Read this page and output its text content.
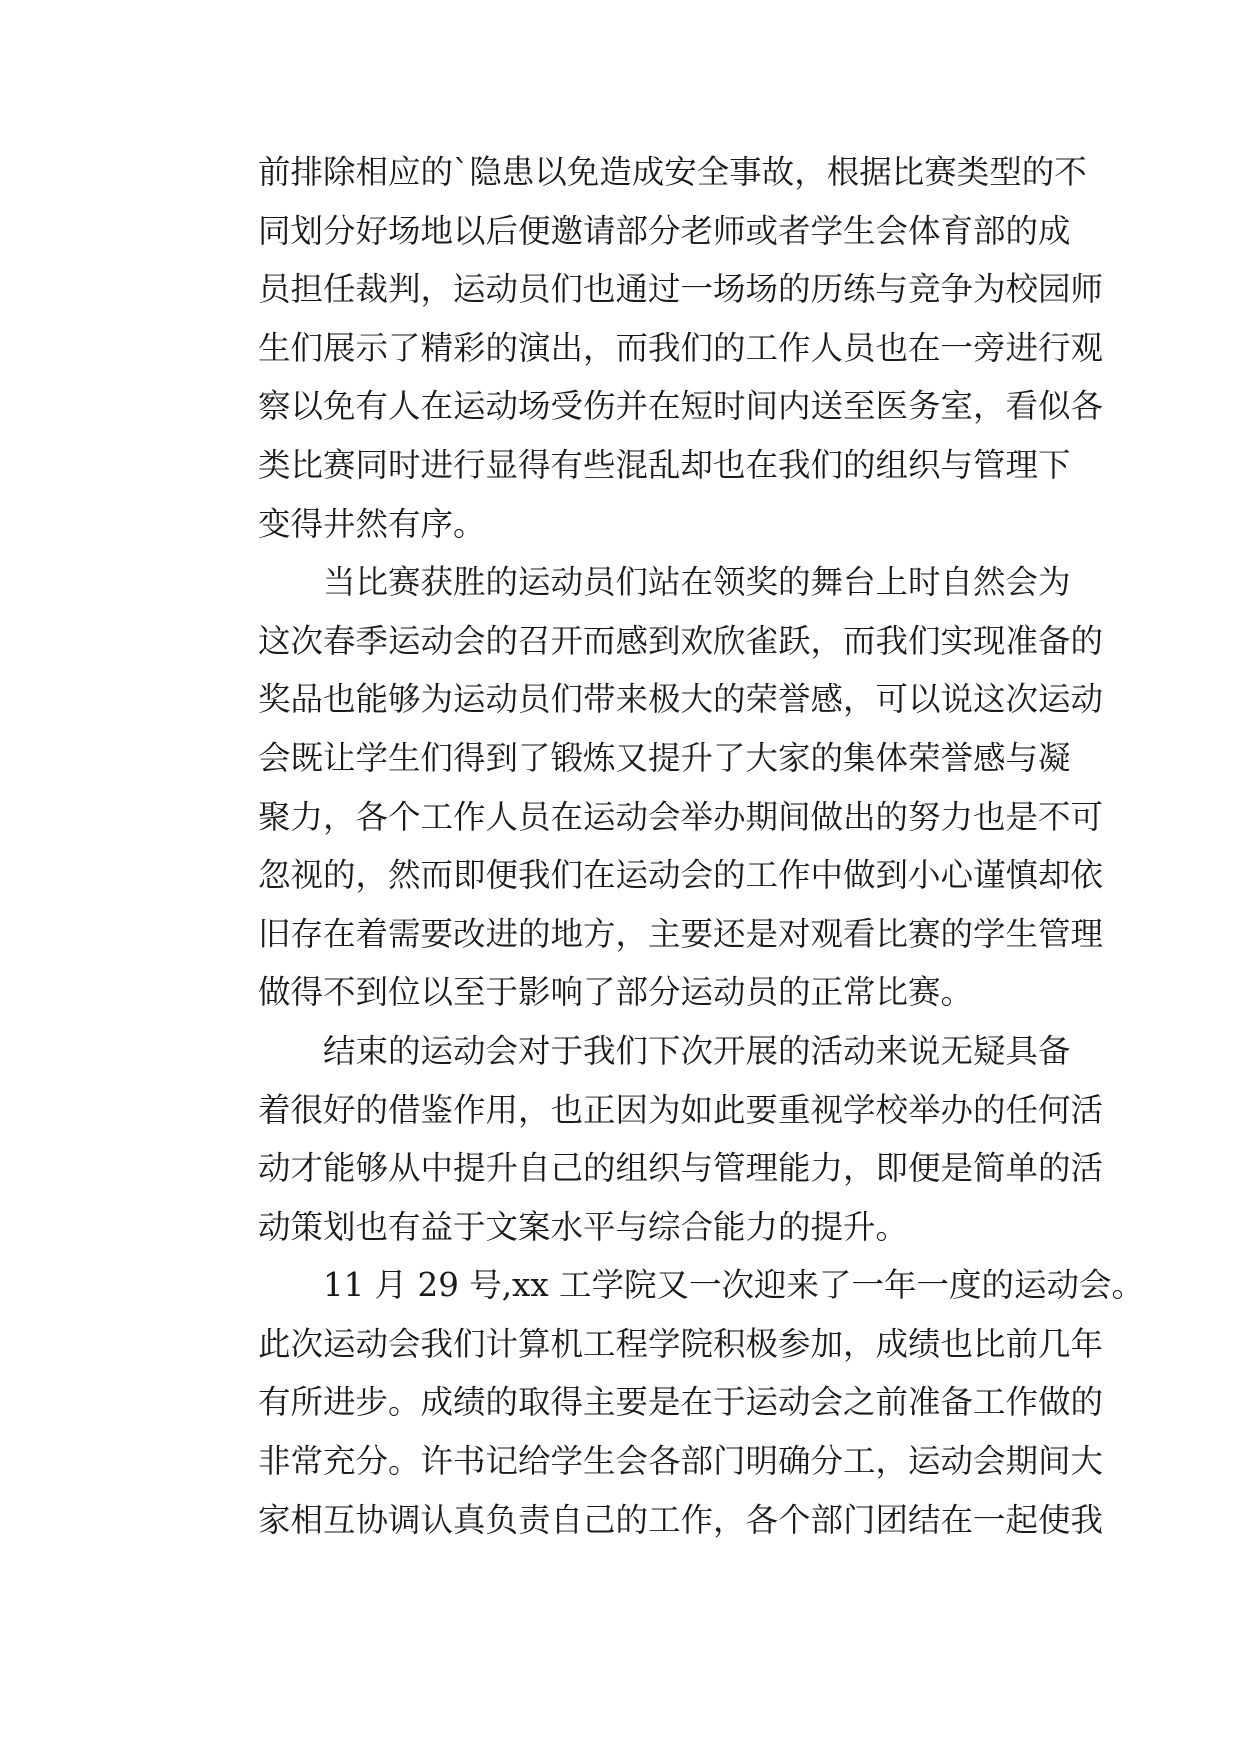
前排除相应的`隐患以免造成安全事故，根据比赛类型的不
同划分好场地以后便邀请部分老师或者学生会体育部的成
员担任裁判，运动员们也通过一场场的历练与竞争为校园师
生们展示了精彩的演出，而我们的工作人员也在一旁进行观
察以免有人在运动场受伤并在短时间内送至医务室，看似各
类比赛同时进行显得有些混乱却也在我们的组织与管理下
变得井然有序。
当比赛获胜的运动员们站在领奖的舞台上时自然会为
这次春季运动会的召开而感到欢欣雀跃，而我们实现准备的
奖品也能够为运动员们带来极大的荣誉感，可以说这次运动
会既让学生们得到了锻炼又提升了大家的集体荣誉感与凝
聚力，各个工作人员在运动会举办期间做出的努力也是不可
忽视的，然而即便我们在运动会的工作中做到小心谨慎却依
旧存在着需要改进的地方，主要还是对观看比赛的学生管理
做得不到位以至于影响了部分运动员的正常比赛。
结束的运动会对于我们下次开展的活动来说无疑具备
着很好的借鉴作用，也正因为如此要重视学校举办的任何活
动才能够从中提升自己的组织与管理能力，即便是简单的活
动策划也有益于文案水平与综合能力的提升。
11 月 29 号,xx 工学院又一次迎来了一年一度的运动会。
此次运动会我们计算机工程学院积极参加，成绩也比前几年
有所进步。成绩的取得主要是在于运动会之前准备工作做的
非常充分。许书记给学生会各部门明确分工，运动会期间大
家相互协调认真负责自己的工作，各个部门团结在一起使我
